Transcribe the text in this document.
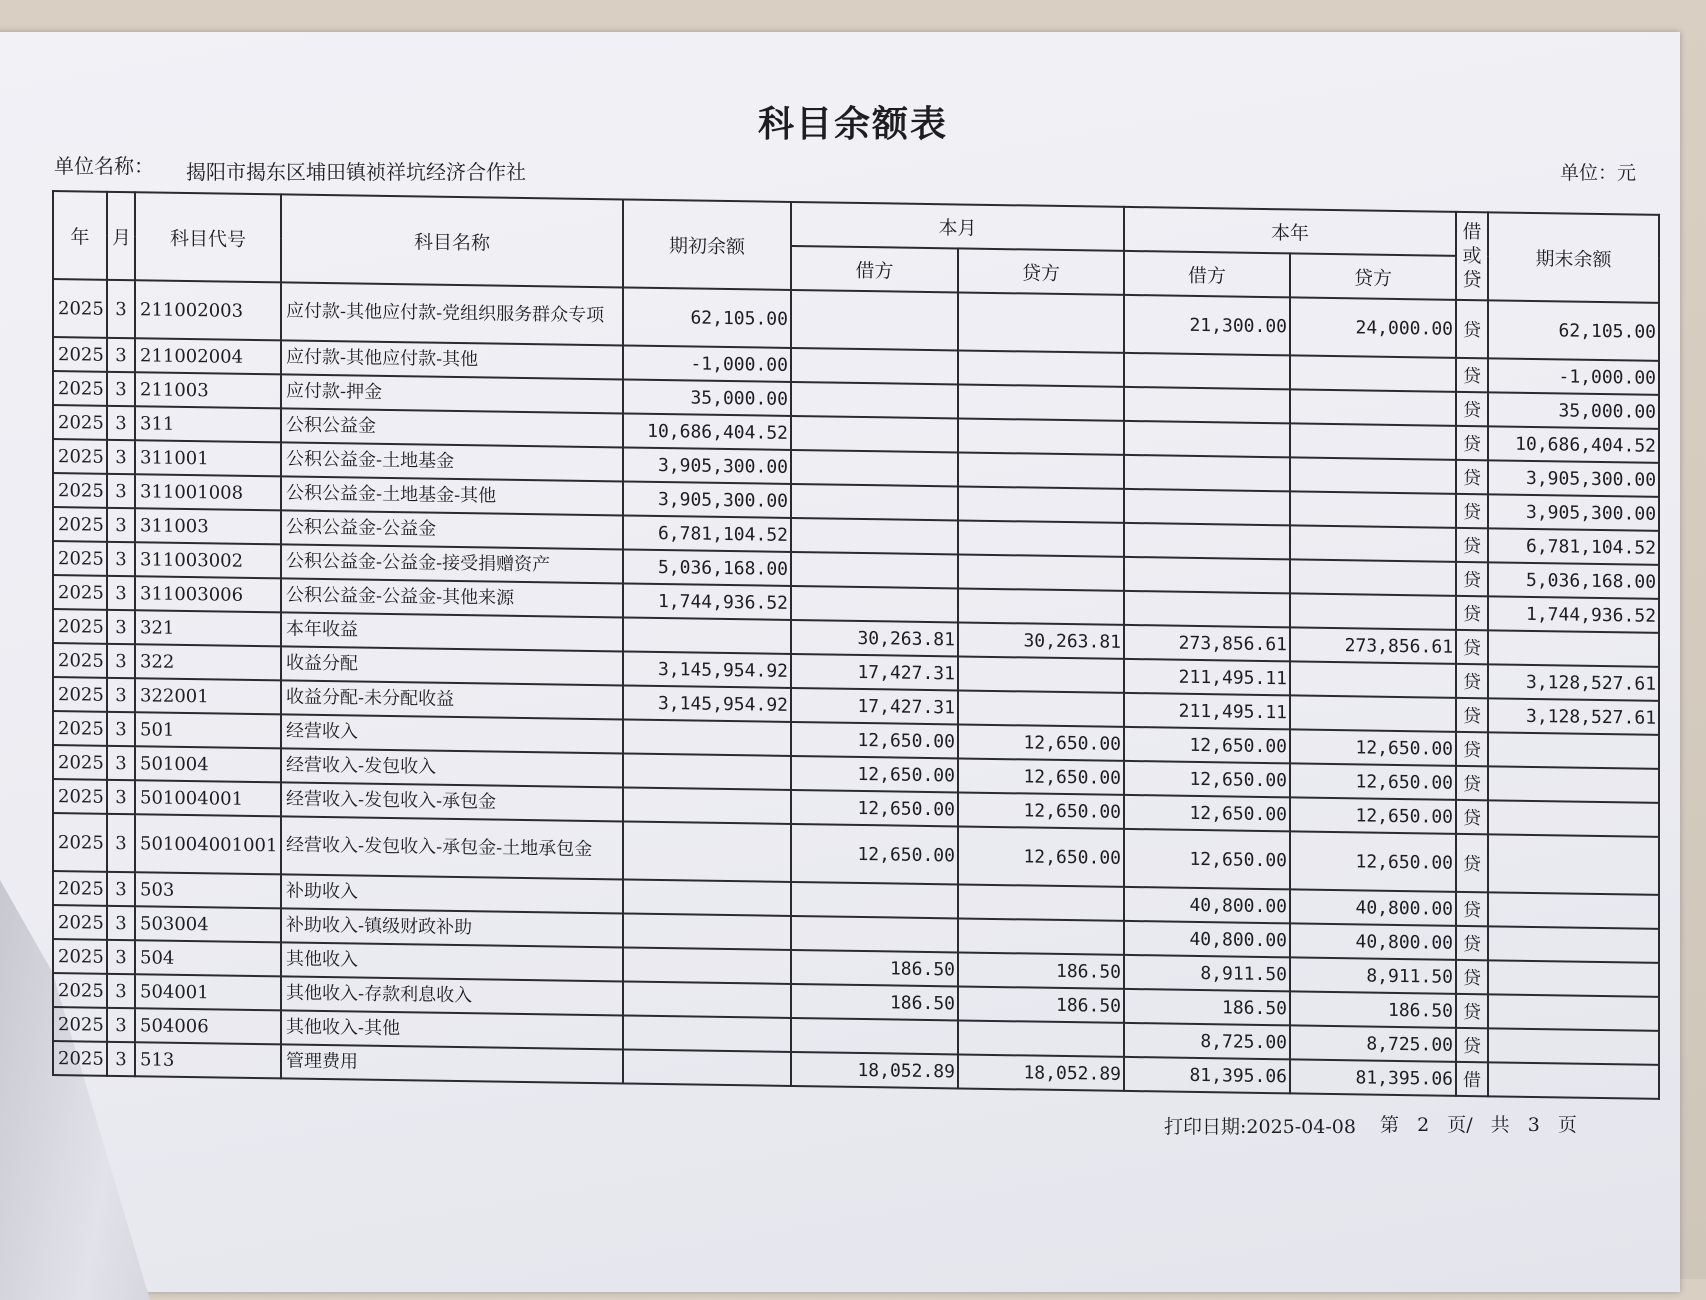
科目余额表
单位名称： 揭阳市揭东区埔田镇祯祥坑经济合作社	单位：元
年	月	科目代号	科目名称	期初余额	本月		本年		借或贷	期末余额
					借方	贷方	借方	贷方		
2025	3	211002003	应付款-其他应付款-党组织服务群众专项	62,105.00			21,300.00	24,000.00	贷	62,105.00
2025	3	211002004	应付款-其他应付款-其他	-1,000.00					贷	-1,000.00
2025	3	211003	应付款-押金	35,000.00					贷	35,000.00
2025	3	311	公积公益金	10,686,404.52					贷	10,686,404.52
2025	3	311001	公积公益金-土地基金	3,905,300.00					贷	3,905,300.00
2025	3	311001008	公积公益金-土地基金-其他	3,905,300.00					贷	3,905,300.00
2025	3	311003	公积公益金-公益金	6,781,104.52					贷	6,781,104.52
2025	3	311003002	公积公益金-公益金-接受捐赠资产	5,036,168.00					贷	5,036,168.00
2025	3	311003006	公积公益金-公益金-其他来源	1,744,936.52					贷	1,744,936.52
2025	3	321	本年收益		30,263.81	30,263.81	273,856.61	273,856.61	贷	
2025	3	322	收益分配	3,145,954.92	17,427.31		211,495.11		贷	3,128,527.61
2025	3	322001	收益分配-未分配收益	3,145,954.92	17,427.31		211,495.11		贷	3,128,527.61
2025	3	501	经营收入		12,650.00	12,650.00	12,650.00	12,650.00	贷	
2025	3	501004	经营收入-发包收入		12,650.00	12,650.00	12,650.00	12,650.00	贷	
2025	3	501004001	经营收入-发包收入-承包金		12,650.00	12,650.00	12,650.00	12,650.00	贷	
2025	3	501004001001	经营收入-发包收入-承包金-土地承包金		12,650.00	12,650.00	12,650.00	12,650.00	贷	
2025	3	503	补助收入				40,800.00	40,800.00	贷	
2025	3	503004	补助收入-镇级财政补助				40,800.00	40,800.00	贷	
2025	3	504	其他收入		186.50	186.50	8,911.50	8,911.50	贷	
2025	3	504001	其他收入-存款利息收入		186.50	186.50	186.50	186.50	贷	
2025	3	504006	其他收入-其他				8,725.00	8,725.00	贷	
2025	3	513	管理费用		18,052.89	18,052.89	81,395.06	81,395.06	借	
打印日期:2025-04-08	第 2 页/ 共 3 页
